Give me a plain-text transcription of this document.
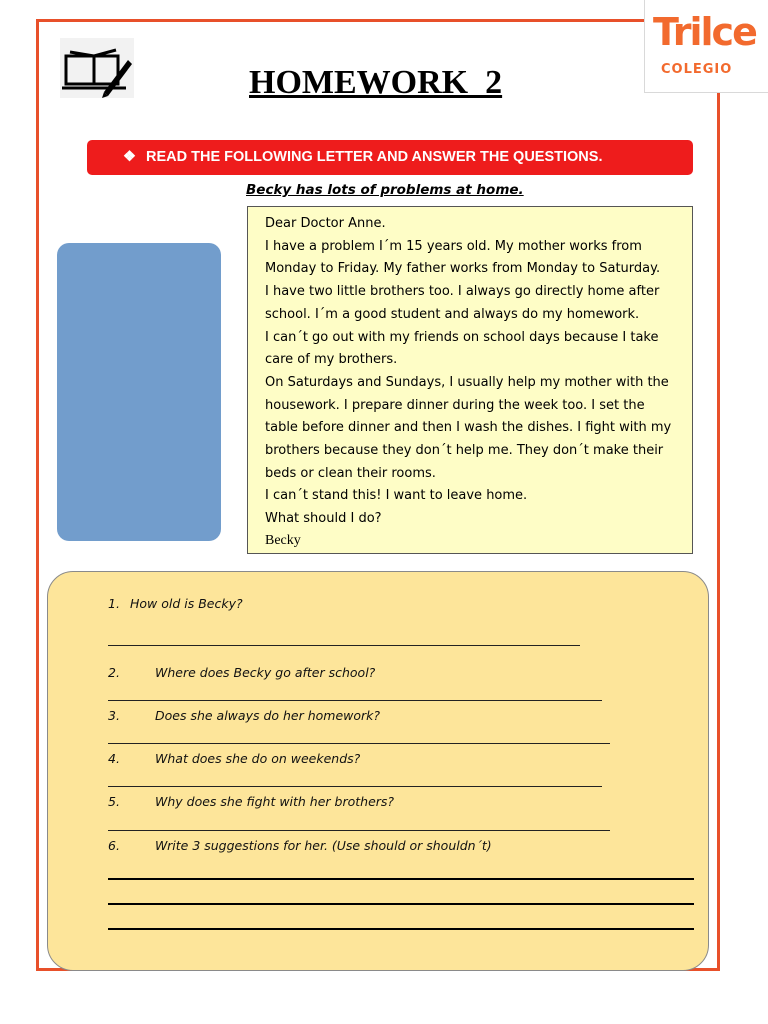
Trilce
COLEGIO
HOMEWORK  2
❖ READ THE FOLLOWING LETTER AND ANSWER THE QUESTIONS.
Becky has lots of problems at home.

Dear Doctor Anne.

I have a problem I´m 15 years old. My mother works from

Monday to Friday. My father works from Monday to Saturday.

I have two little brothers too. I always go directly home after

school. I´m a good student and always do my homework.

I can´t go out with my friends on school days because I take

care of my brothers.

On Saturdays and Sundays, I usually help my mother with the

housework. I prepare dinner during the week too. I set the

table before dinner and then I wash the dishes. I fight with my

brothers because they don´t help me. They don´t make their

beds or clean their rooms.

I can´t stand this! I want to leave home.

What should I do?

Becky

1. How old is Becky?
2.	Where does Becky go after school?
3.	Does she always do her homework?
4.	What does she do on weekends?
5.	Why does she fight with her brothers?
6.	Write 3 suggestions for her. (Use should or shouldn´t)
